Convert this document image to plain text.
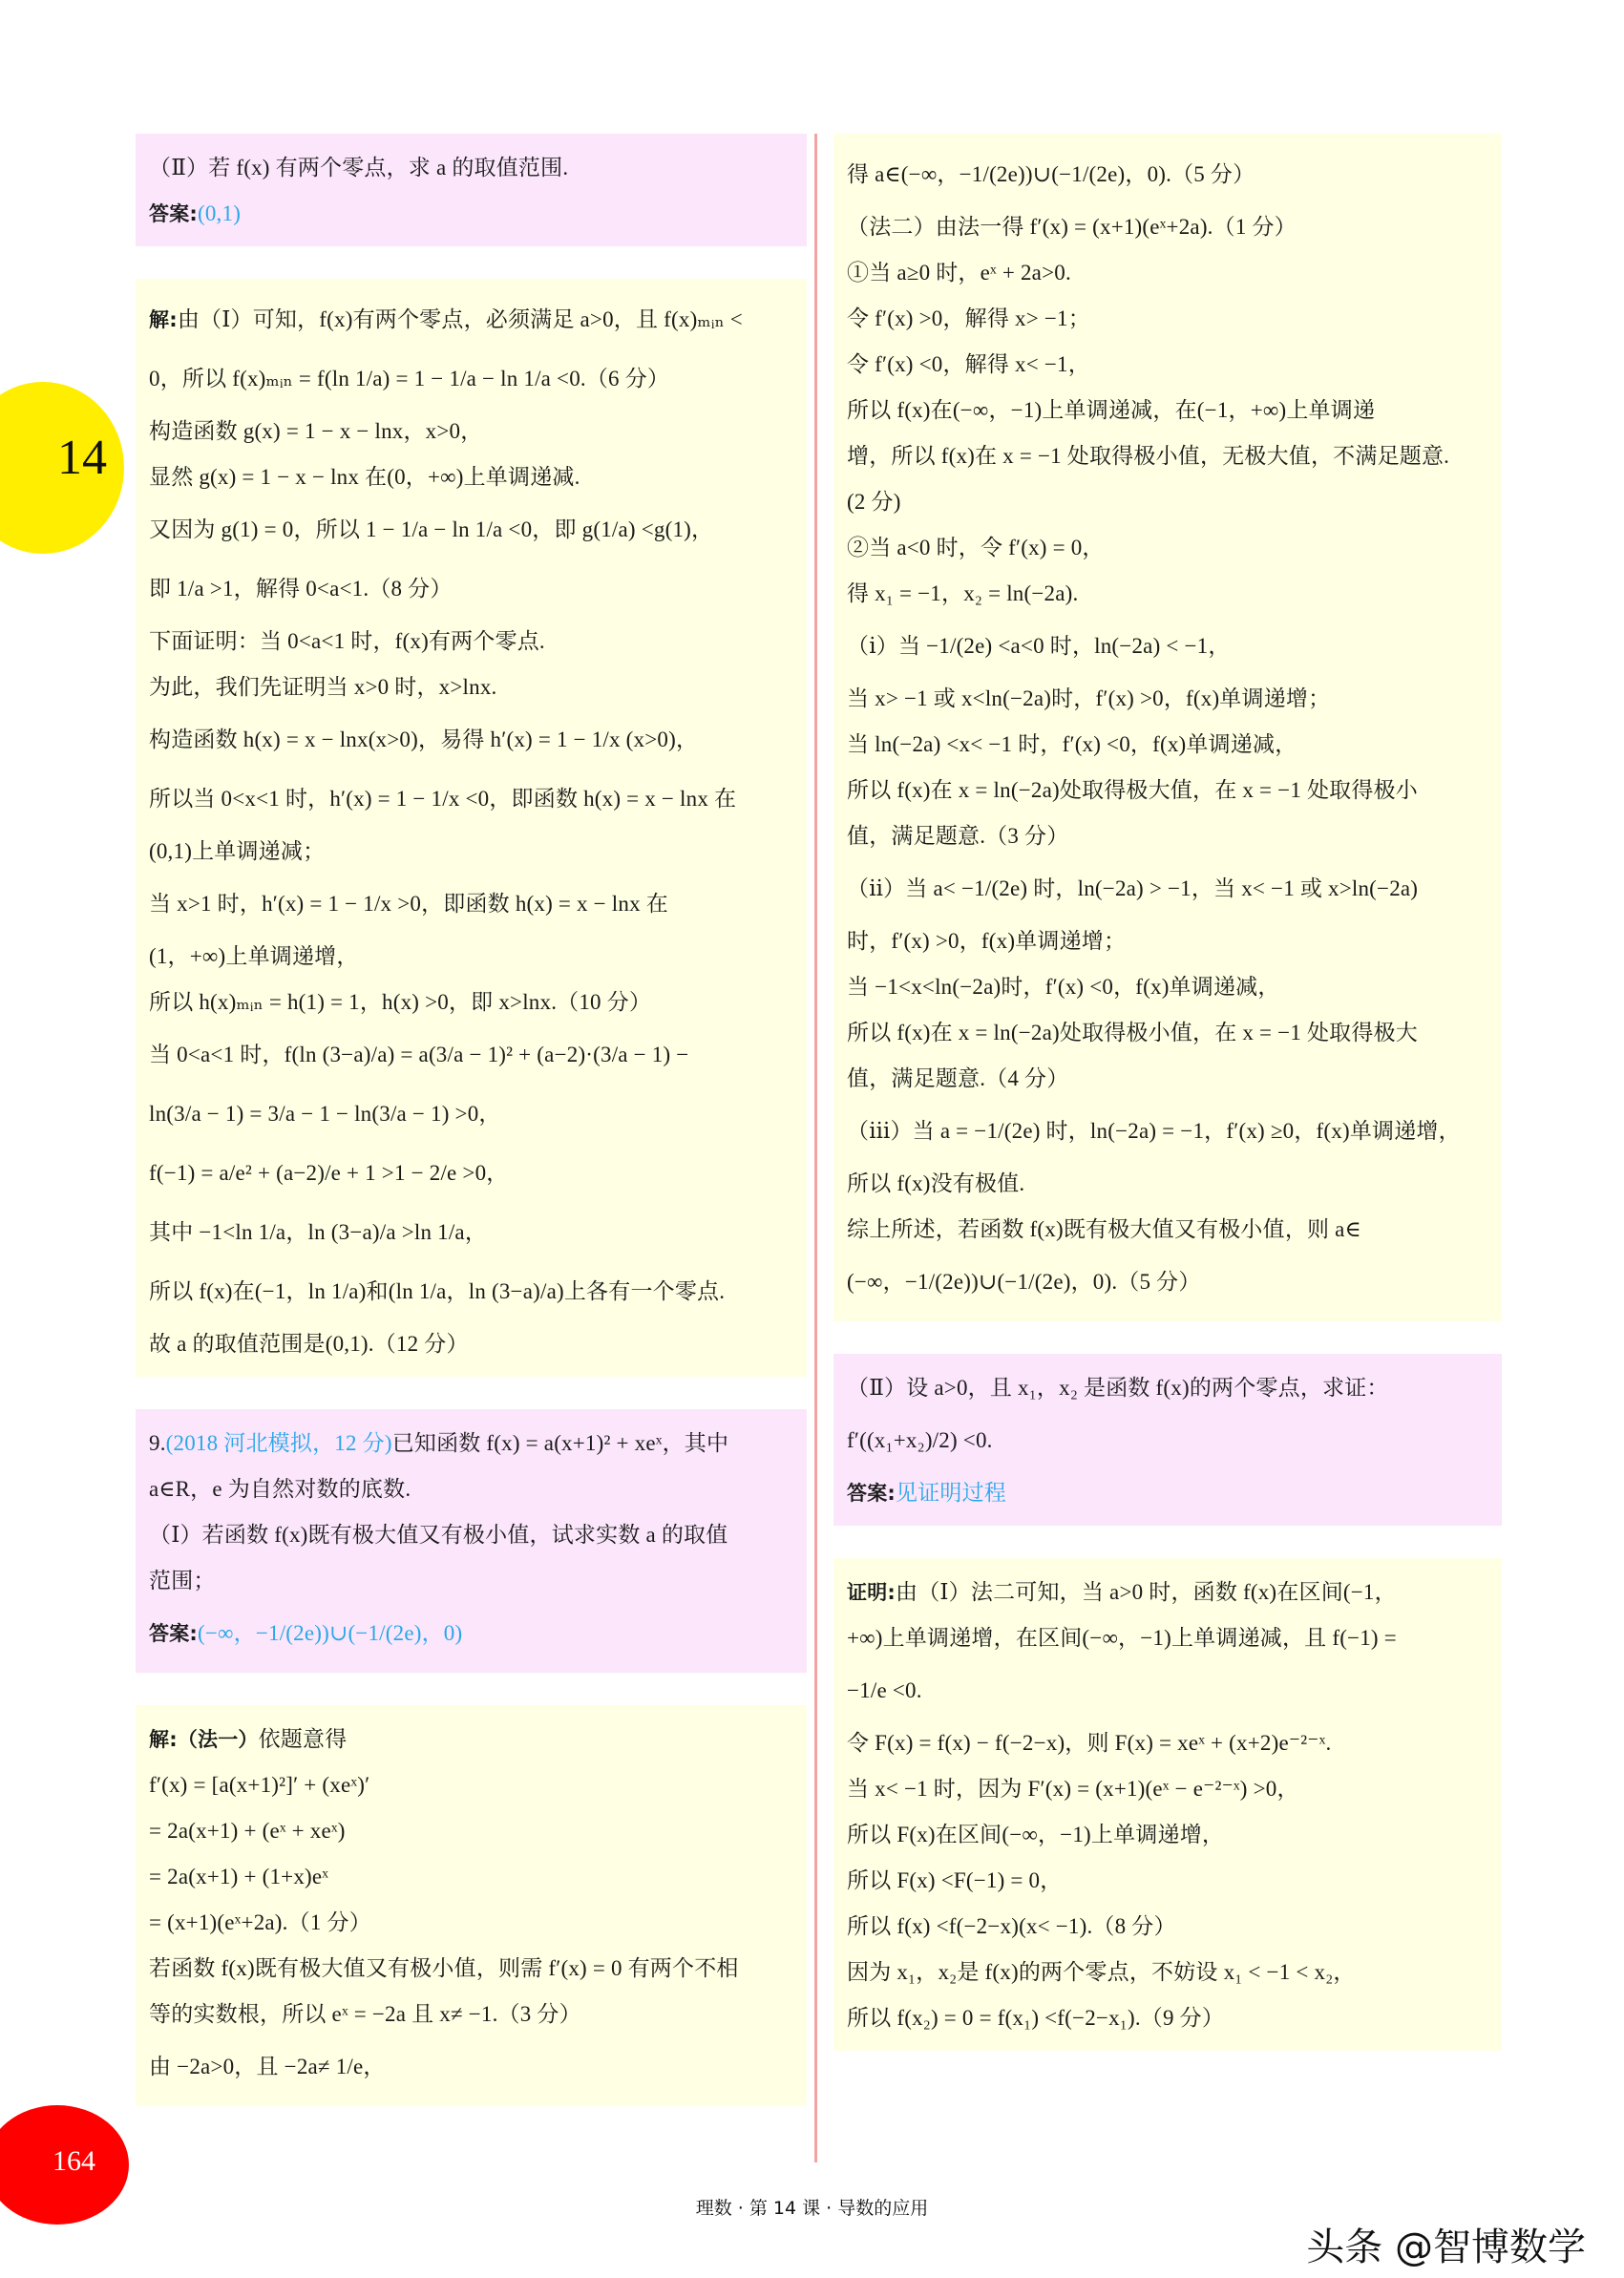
14
（Ⅱ）若 f(x) 有两个零点，求 a 的取值范围.
答案:(0,1)
解:由（Ⅰ）可知，f(x)有两个零点，必须满足 a>0，且 f(x)ₘᵢₙ <
0，所以 f(x)ₘᵢₙ = f(ln 1/a) = 1 − 1/a − ln 1/a <0.（6 分）
构造函数 g(x) = 1 − x − lnx，x>0，
显然 g(x) = 1 − x − lnx 在(0，+∞)上单调递减.
又因为 g(1) = 0，所以 1 − 1/a − ln 1/a <0，即 g(1/a) <g(1)，
即 1/a >1，解得 0<a<1.（8 分）
下面证明：当 0<a<1 时，f(x)有两个零点.
为此，我们先证明当 x>0 时，x>lnx.
构造函数 h(x) = x − lnx(x>0)，易得 h′(x) = 1 − 1/x (x>0)，
所以当 0<x<1 时，h′(x) = 1 − 1/x <0，即函数 h(x) = x − lnx 在
(0,1)上单调递减；
当 x>1 时，h′(x) = 1 − 1/x >0，即函数 h(x) = x − lnx 在
(1，+∞)上单调递增，
所以 h(x)ₘᵢₙ = h(1) = 1，h(x) >0，即 x>lnx.（10 分）
当 0<a<1 时，f(ln (3−a)/a) = a(3/a − 1)² + (a−2)·(3/a − 1) −
ln(3/a − 1) = 3/a − 1 − ln(3/a − 1) >0，
f(−1) = a/e² + (a−2)/e + 1 >1 − 2/e >0，
其中 −1<ln 1/a，ln (3−a)/a >ln 1/a，
所以 f(x)在(−1，ln 1/a)和(ln 1/a，ln (3−a)/a)上各有一个零点.
故 a 的取值范围是(0,1).（12 分）
9.(2018 河北模拟，12 分)已知函数 f(x) = a(x+1)² + xeˣ，其中
a∈R，e 为自然对数的底数.
（Ⅰ）若函数 f(x)既有极大值又有极小值，试求实数 a 的取值
范围；
答案:(−∞，−1/(2e))∪(−1/(2e)，0)
解:（法一）依题意得
f′(x) = [a(x+1)²]′ + (xeˣ)′
= 2a(x+1) + (eˣ + xeˣ)
= 2a(x+1) + (1+x)eˣ
= (x+1)(eˣ+2a).（1 分）
若函数 f(x)既有极大值又有极小值，则需 f′(x) = 0 有两个不相
等的实数根，所以 eˣ = −2a 且 x≠ −1.（3 分）
由 −2a>0，且 −2a≠ 1/e，
得 a∈(−∞，−1/(2e))∪(−1/(2e)，0).（5 分）
（法二）由法一得 f′(x) = (x+1)(eˣ+2a).（1 分）
①当 a≥0 时，eˣ + 2a>0.
令 f′(x) >0，解得 x> −1；
令 f′(x) <0，解得 x< −1，
所以 f(x)在(−∞，−1)上单调递减，在(−1，+∞)上单调递
增，所以 f(x)在 x = −1 处取得极小值，无极大值，不满足题意.
(2 分)
②当 a<0 时，令 f′(x) = 0，
得 x₁ = −1，x₂ = ln(−2a).
（ⅰ）当 −1/(2e) <a<0 时，ln(−2a) < −1，
当 x> −1 或 x<ln(−2a)时，f′(x) >0，f(x)单调递增；
当 ln(−2a) <x< −1 时，f′(x) <0，f(x)单调递减，
所以 f(x)在 x = ln(−2a)处取得极大值，在 x = −1 处取得极小
值，满足题意.（3 分）
（ⅱ）当 a< −1/(2e) 时，ln(−2a) > −1，当 x< −1 或 x>ln(−2a)
时，f′(x) >0，f(x)单调递增；
当 −1<x<ln(−2a)时，f′(x) <0，f(x)单调递减，
所以 f(x)在 x = ln(−2a)处取得极小值，在 x = −1 处取得极大
值，满足题意.（4 分）
（ⅲ）当 a = −1/(2e) 时，ln(−2a) = −1，f′(x) ≥0，f(x)单调递增，
所以 f(x)没有极值.
综上所述，若函数 f(x)既有极大值又有极小值，则 a∈
(−∞，−1/(2e))∪(−1/(2e)，0).（5 分）
（Ⅱ）设 a>0，且 x₁，x₂ 是函数 f(x)的两个零点，求证：
f′((x₁+x₂)/2) <0.
答案:见证明过程
证明:由（Ⅰ）法二可知，当 a>0 时，函数 f(x)在区间(−1，
+∞)上单调递增，在区间(−∞，−1)上单调递减，且 f(−1) =
−1/e <0.
令 F(x) = f(x) − f(−2−x)，则 F(x) = xeˣ + (x+2)e⁻²⁻ˣ.
当 x< −1 时，因为 F′(x) = (x+1)(eˣ − e⁻²⁻ˣ) >0，
所以 F(x)在区间(−∞，−1)上单调递增，
所以 F(x) <F(−1) = 0，
所以 f(x) <f(−2−x)(x< −1).（8 分）
因为 x₁，x₂是 f(x)的两个零点，不妨设 x₁ < −1 < x₂，
所以 f(x₂) = 0 = f(x₁) <f(−2−x₁).（9 分）
164
理数 · 第 14 课 · 导数的应用
头条 @智博数学
